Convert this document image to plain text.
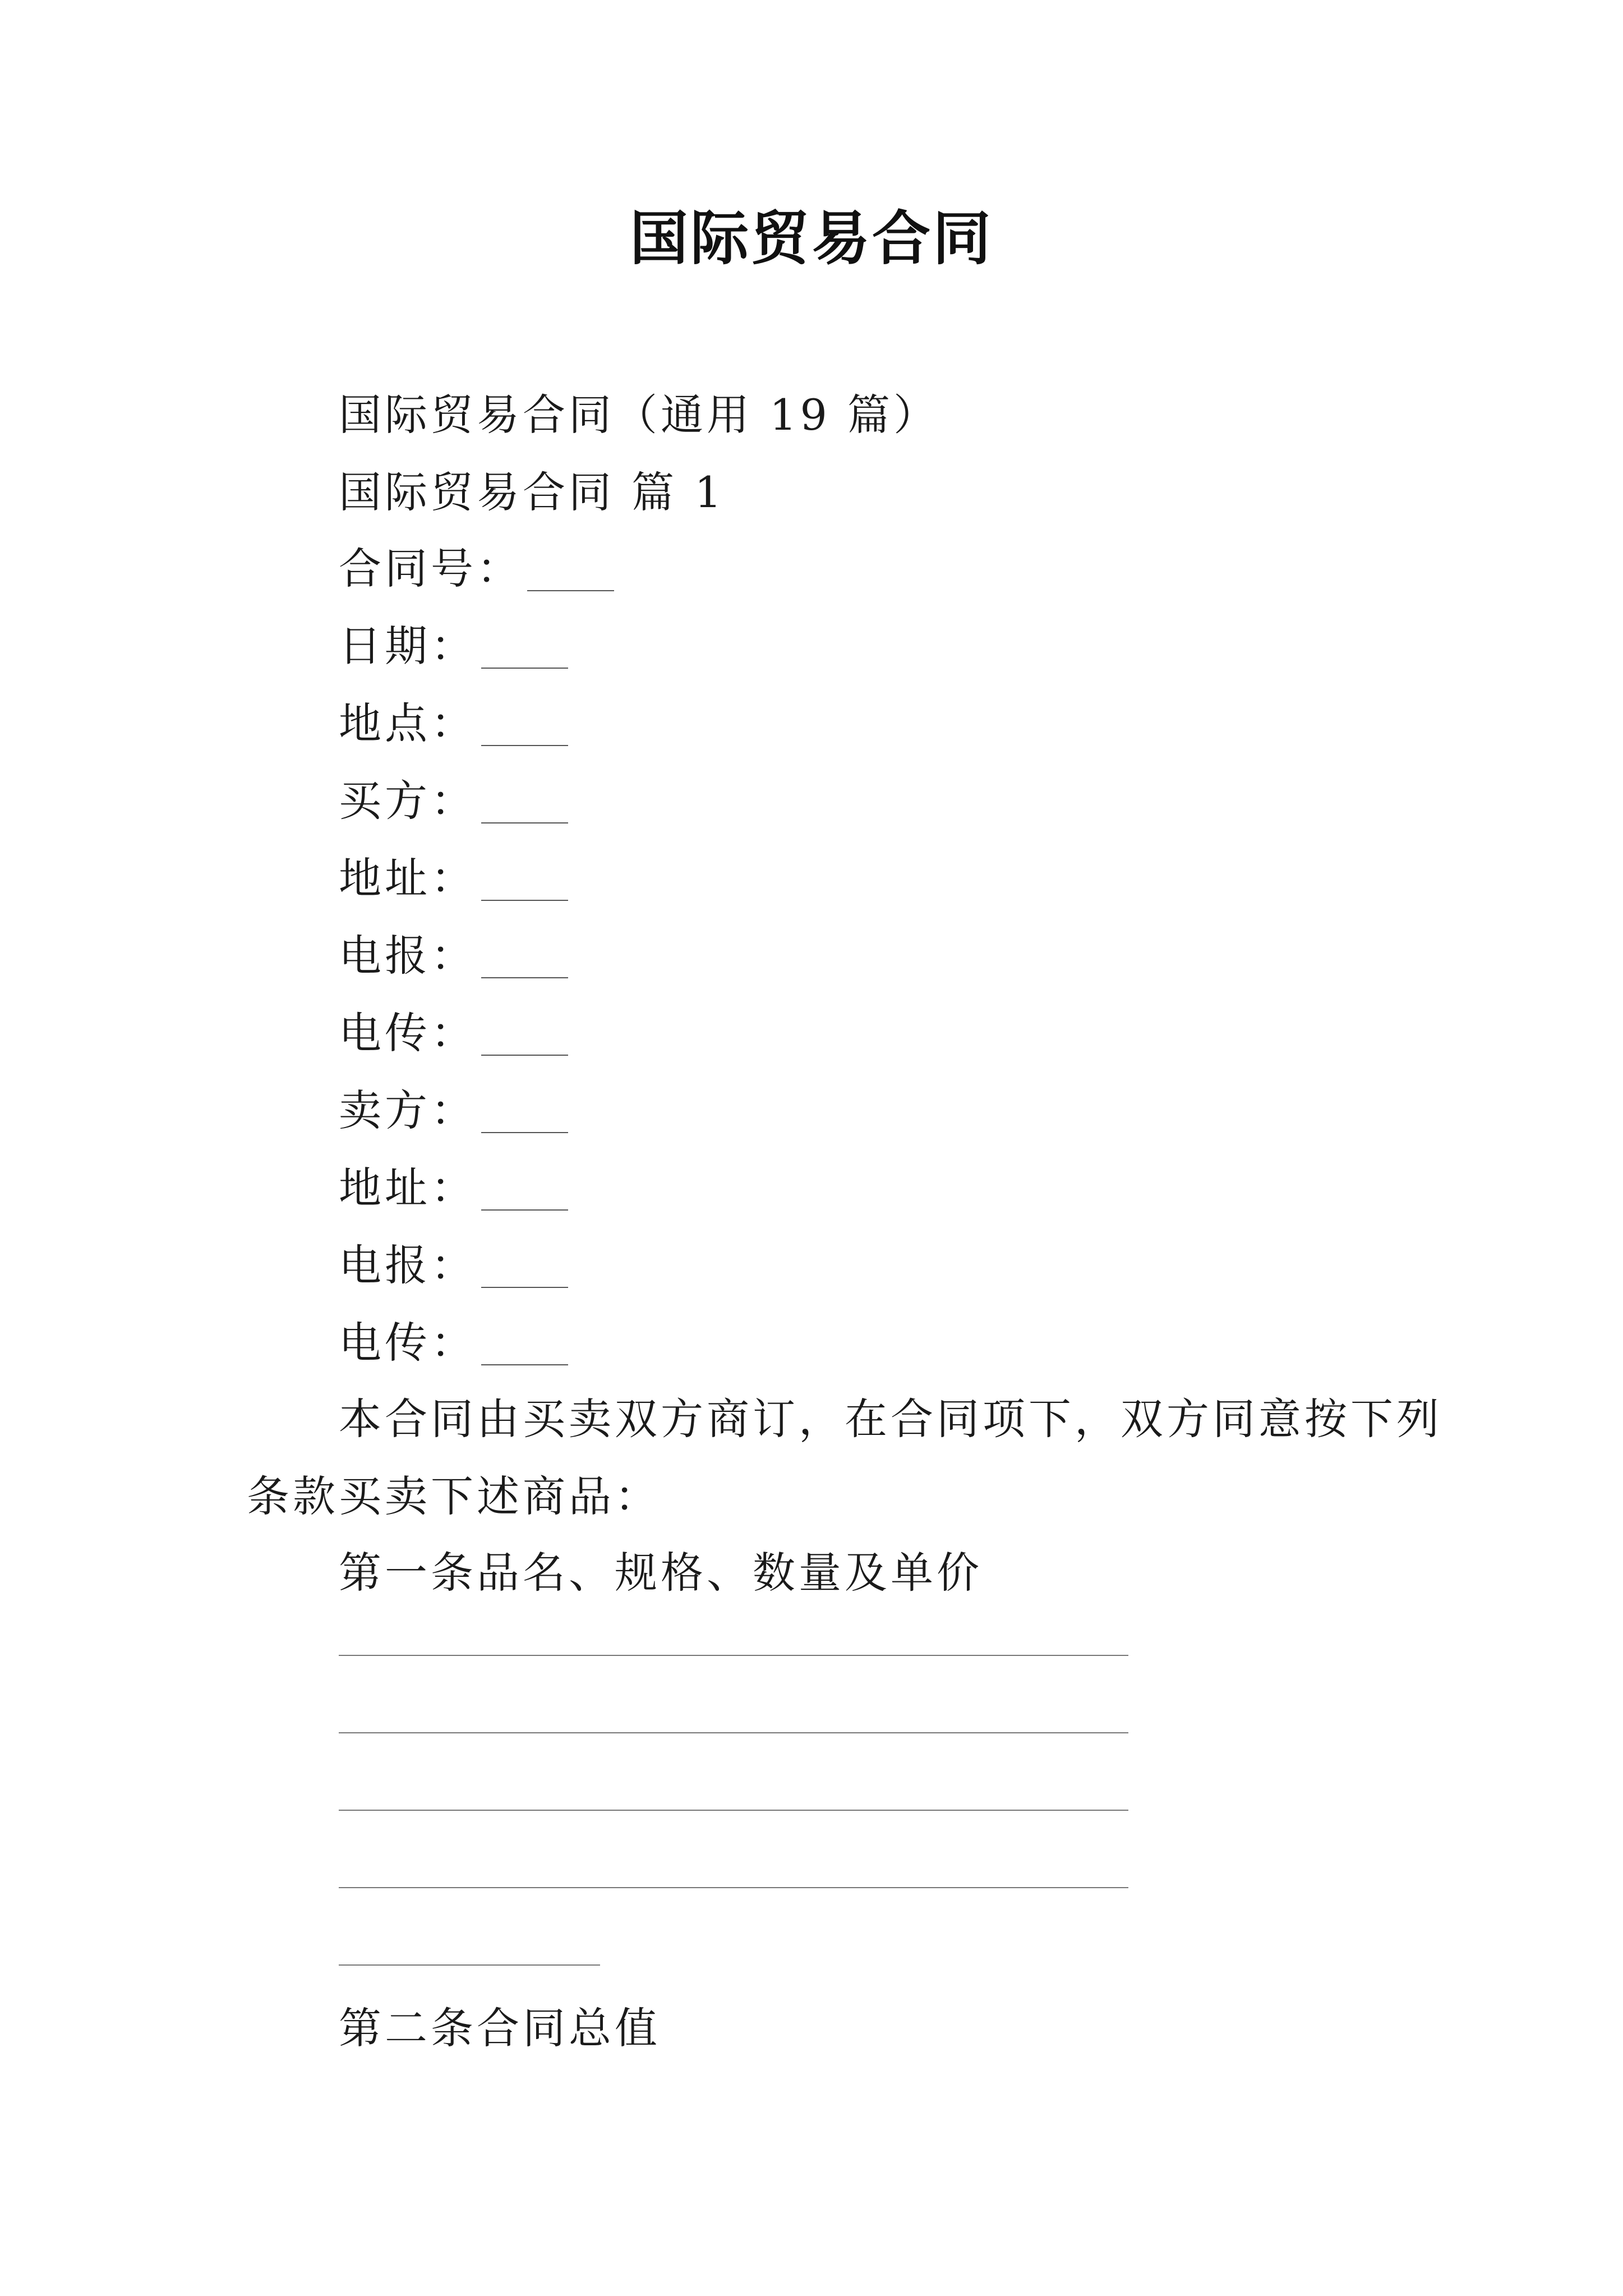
国际贸易合同
国际贸易合同（通用 19 篇）
国际贸易合同 篇 1
合同号：
日期：
地点：
买方：
地址：
电报：
电传：
卖方：
地址：
电报：
电传：
本合同由买卖双方商订，在合同项下，双方同意按下列
条款买卖下述商品：
第一条品名、规格、数量及单价
第二条合同总值
